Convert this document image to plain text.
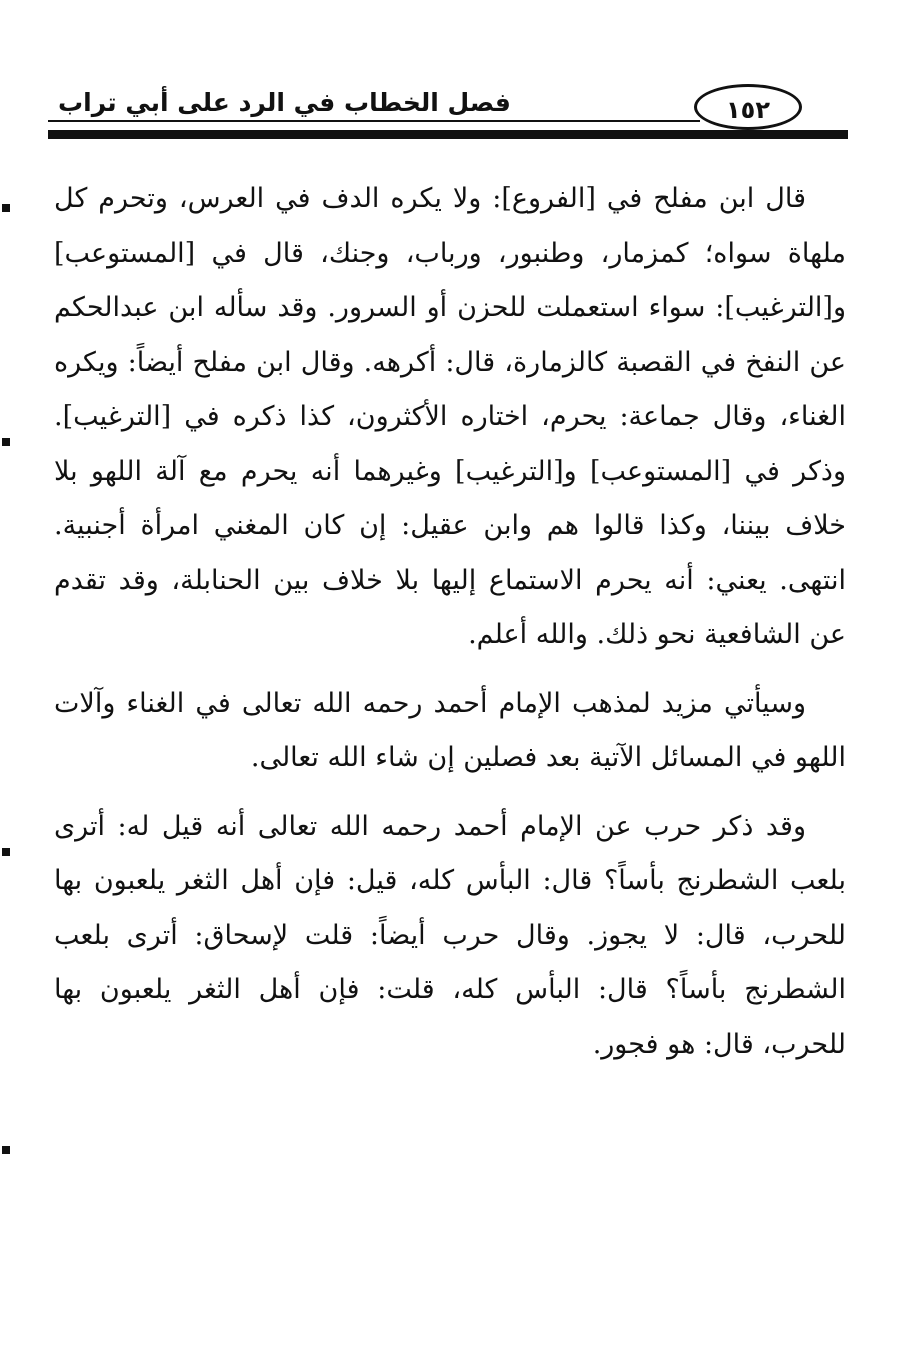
فصل الخطاب في الرد على أبي تراب	١٥٢

قال ابن مفلح في [الفروع]: ولا يكره الدف في العرس، وتحرم كل ملهاة سواه؛ كمزمار، وطنبور، ورباب، وجنك، قال في [المستوعب] و[الترغيب]: سواء استعملت للحزن أو السرور. وقد سأله ابن عبدالحكم عن النفخ في القصبة كالزمارة، قال: أكرهه. وقال ابن مفلح أيضاً: ويكره الغناء، وقال جماعة: يحرم، اختاره الأكثرون، كذا ذكره في [الترغيب]. وذكر في [المستوعب] و[الترغيب] وغيرهما أنه يحرم مع آلة اللهو بلا خلاف بيننا، وكذا قالوا هم وابن عقيل: إن كان المغني امرأة أجنبية. انتهى. يعني: أنه يحرم الاستماع إليها بلا خلاف بين الحنابلة، وقد تقدم عن الشافعية نحو ذلك. والله أعلم.

وسيأتي مزيد لمذهب الإمام أحمد رحمه الله تعالى في الغناء وآلات اللهو في المسائل الآتية بعد فصلين إن شاء الله تعالى.

وقد ذكر حرب عن الإمام أحمد رحمه الله تعالى أنه قيل له: أترى بلعب الشطرنج بأساً؟ قال: البأس كله، قيل: فإن أهل الثغر يلعبون بها للحرب، قال: لا يجوز. وقال حرب أيضاً: قلت لإسحاق: أترى بلعب الشطرنج بأساً؟ قال: البأس كله، قلت: فإن أهل الثغر يلعبون بها للحرب، قال: هو فجور.
